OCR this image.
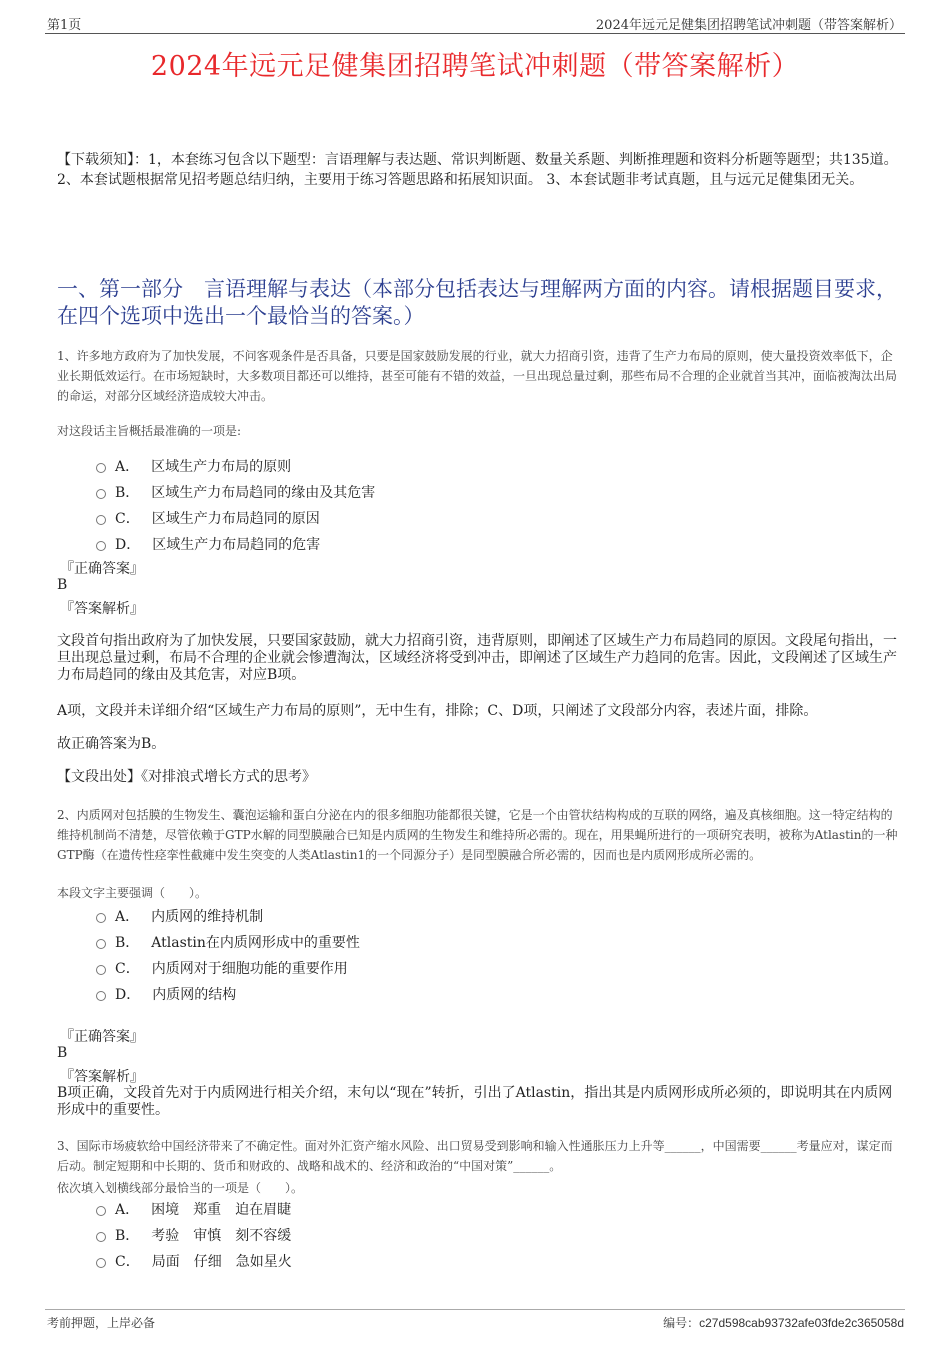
第1页	2024年远元足健集团招聘笔试冲刺题（带答案解析）
2024年远元足健集团招聘笔试冲刺题（带答案解析）
【下载须知】：1，本套练习包含以下题型：言语理解与表达题、常识判断题、数量关系题、判断推理题和资料分析题等题型；共135道。 2、本套试题根据常见招考题总结归纳，主要用于练习答题思路和拓展知识面。 3、本套试题非考试真题，且与远元足健集团无关。
一、第一部分　言语理解与表达（本部分包括表达与理解两方面的内容。请根据题目要求，在四个选项中选出一个最恰当的答案。）
1、许多地方政府为了加快发展，不问客观条件是否具备，只要是国家鼓励发展的行业，就大力招商引资，违背了生产力布局的原则，使大量投资效率低下，企业长期低效运行。在市场短缺时，大多数项目都还可以维持，甚至可能有不错的效益，一旦出现总量过剩，那些布局不合理的企业就首当其冲，面临被淘汰出局的命运，对部分区域经济造成较大冲击。
对这段话主旨概括最准确的一项是:
A． 区域生产力布局的原则
B． 区域生产力布局趋同的缘由及其危害
C． 区域生产力布局趋同的原因
D． 区域生产力布局趋同的危害
『正确答案』
B
『答案解析』
文段首句指出政府为了加快发展，只要国家鼓励，就大力招商引资，违背原则，即阐述了区域生产力布局趋同的原因。文段尾句指出，一旦出现总量过剩，布局不合理的企业就会惨遭淘汰，区域经济将受到冲击，即阐述了区域生产力趋同的危害。因此，文段阐述了区域生产力布局趋同的缘由及其危害，对应B项。
A项，文段并未详细介绍“区域生产力布局的原则”，无中生有，排除；C、D项，只阐述了文段部分内容，表述片面，排除。
故正确答案为B。
【文段出处】《对排浪式增长方式的思考》
2、内质网对包括膜的生物发生、囊泡运输和蛋白分泌在内的很多细胞功能都很关键，它是一个由管状结构构成的互联的网络，遍及真核细胞。这一特定结构的维持机制尚不清楚，尽管依赖于GTP水解的同型膜融合已知是内质网的生物发生和维持所必需的。现在，用果蝇所进行的一项研究表明，被称为Atlastin的一种GTP酶（在遗传性痉挛性截瘫中发生突变的人类Atlastin1的一个同源分子）是同型膜融合所必需的，因而也是内质网形成所必需的。
本段文字主要强调（　　）。
A． 内质网的维持机制
B． Atlastin在内质网形成中的重要性
C． 内质网对于细胞功能的重要作用
D． 内质网的结构
『正确答案』
B
『答案解析』
B项正确，文段首先对于内质网进行相关介绍，末句以“现在”转折，引出了Atlastin，指出其是内质网形成所必须的，即说明其在内质网形成中的重要性。
3、国际市场疲软给中国经济带来了不确定性。面对外汇资产缩水风险、出口贸易受到影响和输入性通胀压力上升等______，中国需要______考量应对，谋定而后动。制定短期和中长期的、货币和财政的、战略和战术的、经济和政治的“中国对策”______。
依次填入划横线部分最恰当的一项是（　　）。
A． 困境　郑重　迫在眉睫
B． 考验　审慎　刻不容缓
C． 局面　仔细　急如星火
考前押题，上岸必备	编号：c27d598cab93732afe03fde2c365058d
